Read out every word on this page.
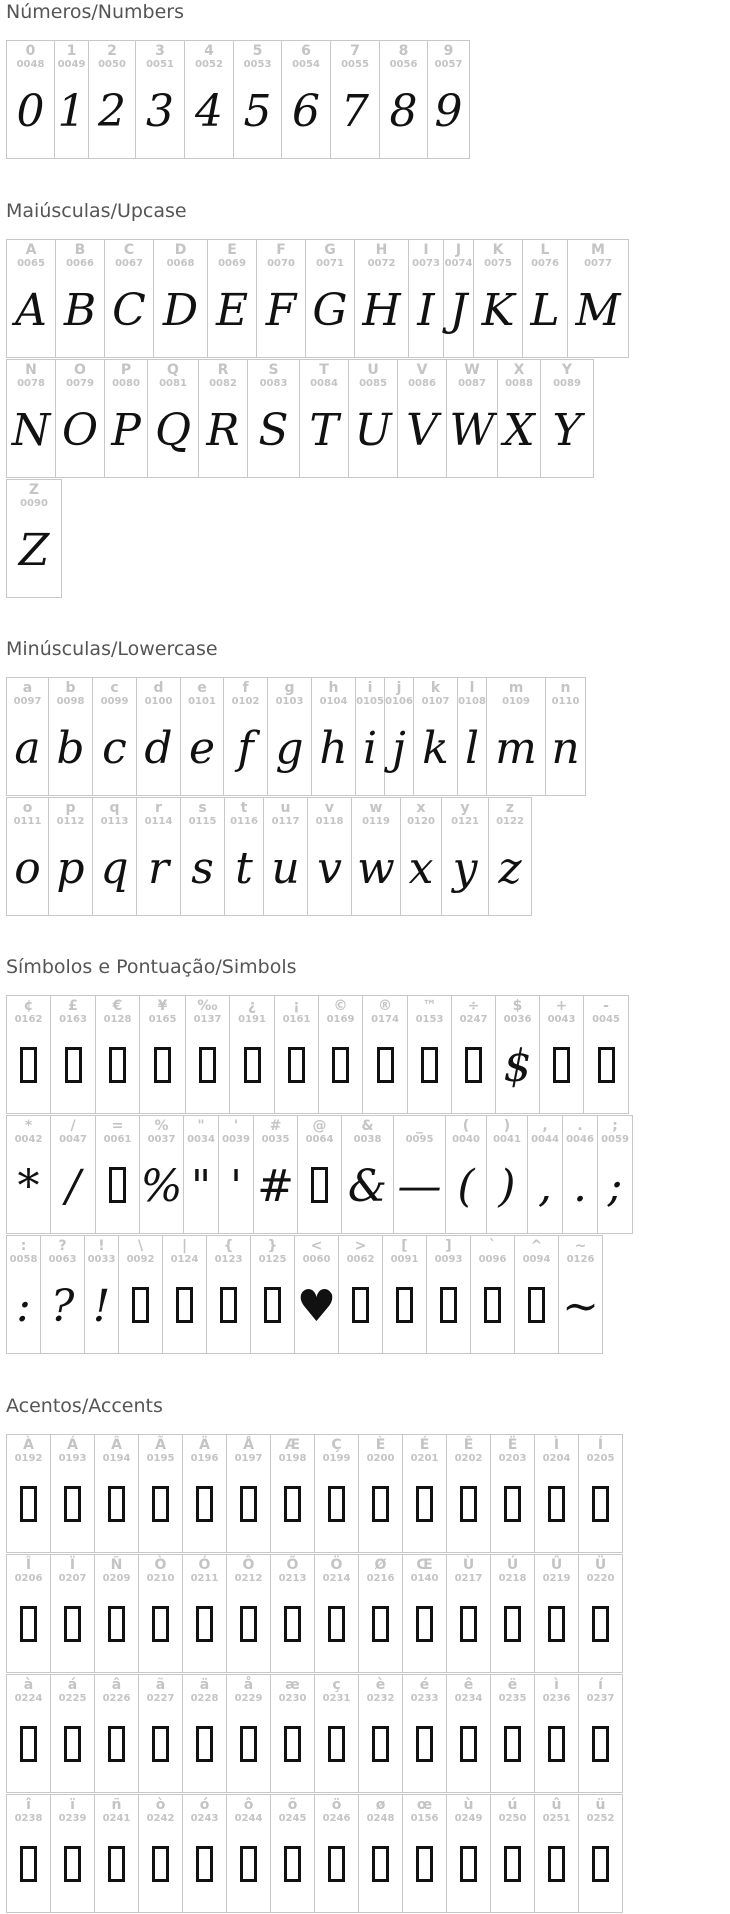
Números/Numbers
0
0048
0
1
0049
1
2
0050
2
3
0051
3
4
0052
4
5
0053
5
6
0054
6
7
0055
7
8
0056
8
9
0057
9
Maiúsculas/Upcase
A
0065
A
B
0066
B
C
0067
C
D
0068
D
E
0069
E
F
0070
F
G
0071
G
H
0072
H
I
0073
I
J
0074
J
K
0075
K
L
0076
L
M
0077
M
N
0078
N
O
0079
O
P
0080
P
Q
0081
Q
R
0082
R
S
0083
S
T
0084
T
U
0085
U
V
0086
V
W
0087
W
X
0088
X
Y
0089
Y
Z
0090
Z
Minúsculas/Lowercase
a
0097
a
b
0098
b
c
0099
c
d
0100
d
e
0101
e
f
0102
f
g
0103
g
h
0104
h
i
0105
i
j
0106
j
k
0107
k
l
0108
l
m
0109
m
n
0110
n
o
0111
o
p
0112
p
q
0113
q
r
0114
r
s
0115
s
t
0116
t
u
0117
u
v
0118
v
w
0119
w
x
0120
x
y
0121
y
z
0122
z
Símbolos e Pontuação/Simbols
¢
0162
£
0163
€
0128
¥
0165
‰
0137
¿
0191
¡
0161
©
0169
®
0174
™
0153
÷
0247
$
0036
$
+
0043
-
0045
*
0042
*
/
0047
/
=
0061
%
0037
%
"
0034
"
'
0039
'
#
0035
#
@
0064
&
0038
&
_
0095
—
(
0040
(
)
0041
)
,
0044
,
.
0046
.
;
0059
;
:
0058
:
?
0063
?
!
0033
!
\
0092
|
0124
{
0123
}
0125
<
0060
♥
>
0062
[
0091
]
0093
`
0096
^
0094
~
0126
~
Acentos/Accents
À
0192
Á
0193
Â
0194
Ã
0195
Ä
0196
Å
0197
Æ
0198
Ç
0199
È
0200
É
0201
Ê
0202
Ë
0203
Ì
0204
Í
0205
Î
0206
Ï
0207
Ñ
0209
Ò
0210
Ó
0211
Ô
0212
Õ
0213
Ö
0214
Ø
0216
Œ
0140
Ù
0217
Ú
0218
Û
0219
Ü
0220
à
0224
á
0225
â
0226
ã
0227
ä
0228
å
0229
æ
0230
ç
0231
è
0232
é
0233
ê
0234
ë
0235
ì
0236
í
0237
î
0238
ï
0239
ñ
0241
ò
0242
ó
0243
ô
0244
õ
0245
ö
0246
ø
0248
œ
0156
ù
0249
ú
0250
û
0251
ü
0252
